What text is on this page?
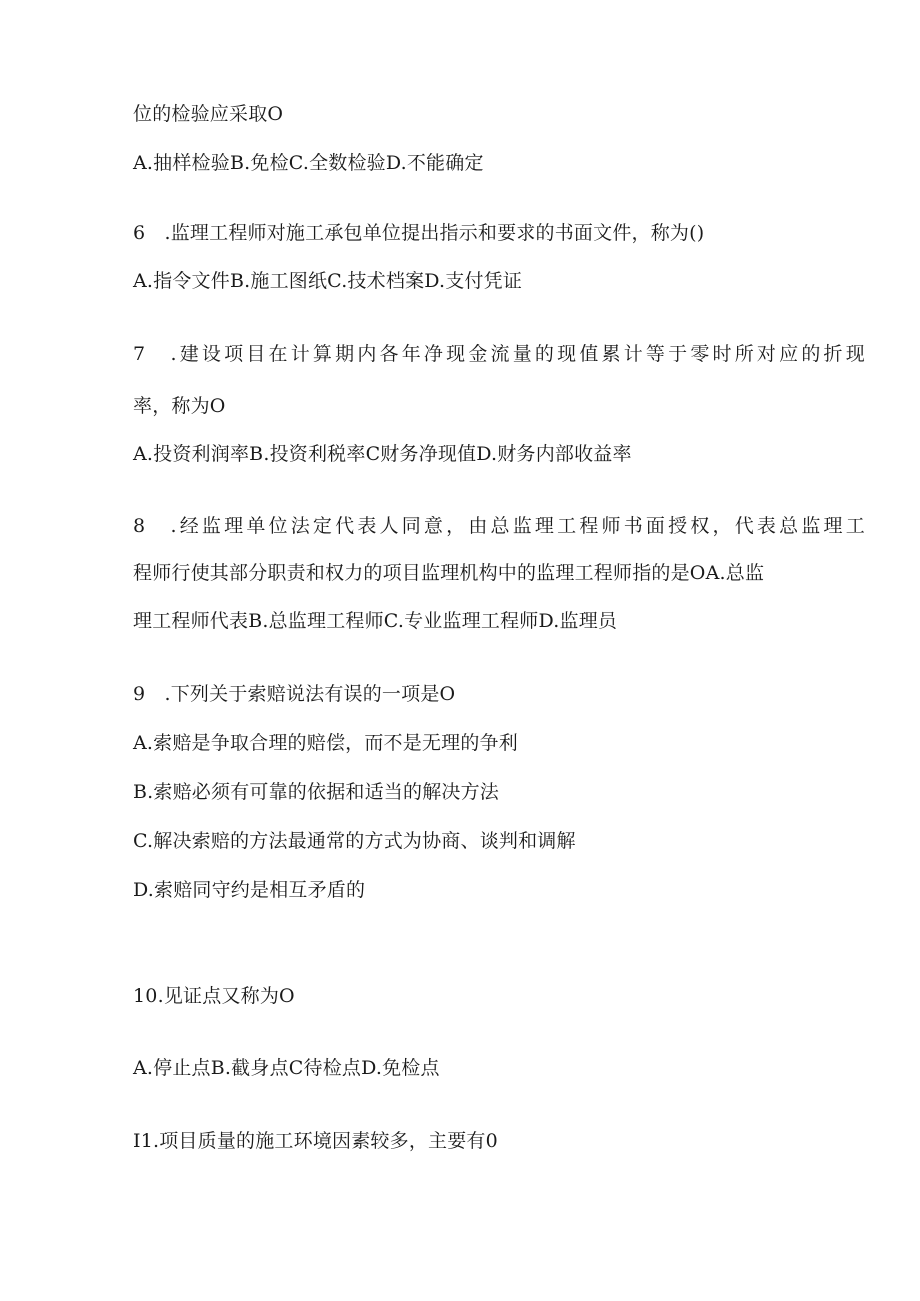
位的检验应采取O
A.抽样检验B.免检C.全数检验D.不能确定
6　.监理工程师对施工承包单位提出指示和要求的书面文件，称为()
A.指令文件B.施工图纸C.技术档案D.支付凭证
7　.建设项目在计算期内各年净现金流量的现值累计等于零时所对应的折现
率，称为O
A.投资利润率B.投资利税率C财务净现值D.财务内部收益率
8　.经监理单位法定代表人同意，由总监理工程师书面授权，代表总监理工
程师行使其部分职责和权力的项目监理机构中的监理工程师指的是OA.总监
理工程师代表B.总监理工程师C.专业监理工程师D.监理员
9　.下列关于索赔说法有误的一项是O
A.索赔是争取合理的赔偿，而不是无理的争利
B.索赔必须有可靠的依据和适当的解决方法
C.解决索赔的方法最通常的方式为协商、谈判和调解
D.索赔同守约是相互矛盾的
10.见证点又称为O
A.停止点B.截身点C待检点D.免检点
I1.项目质量的施工环境因素较多，主要有0
